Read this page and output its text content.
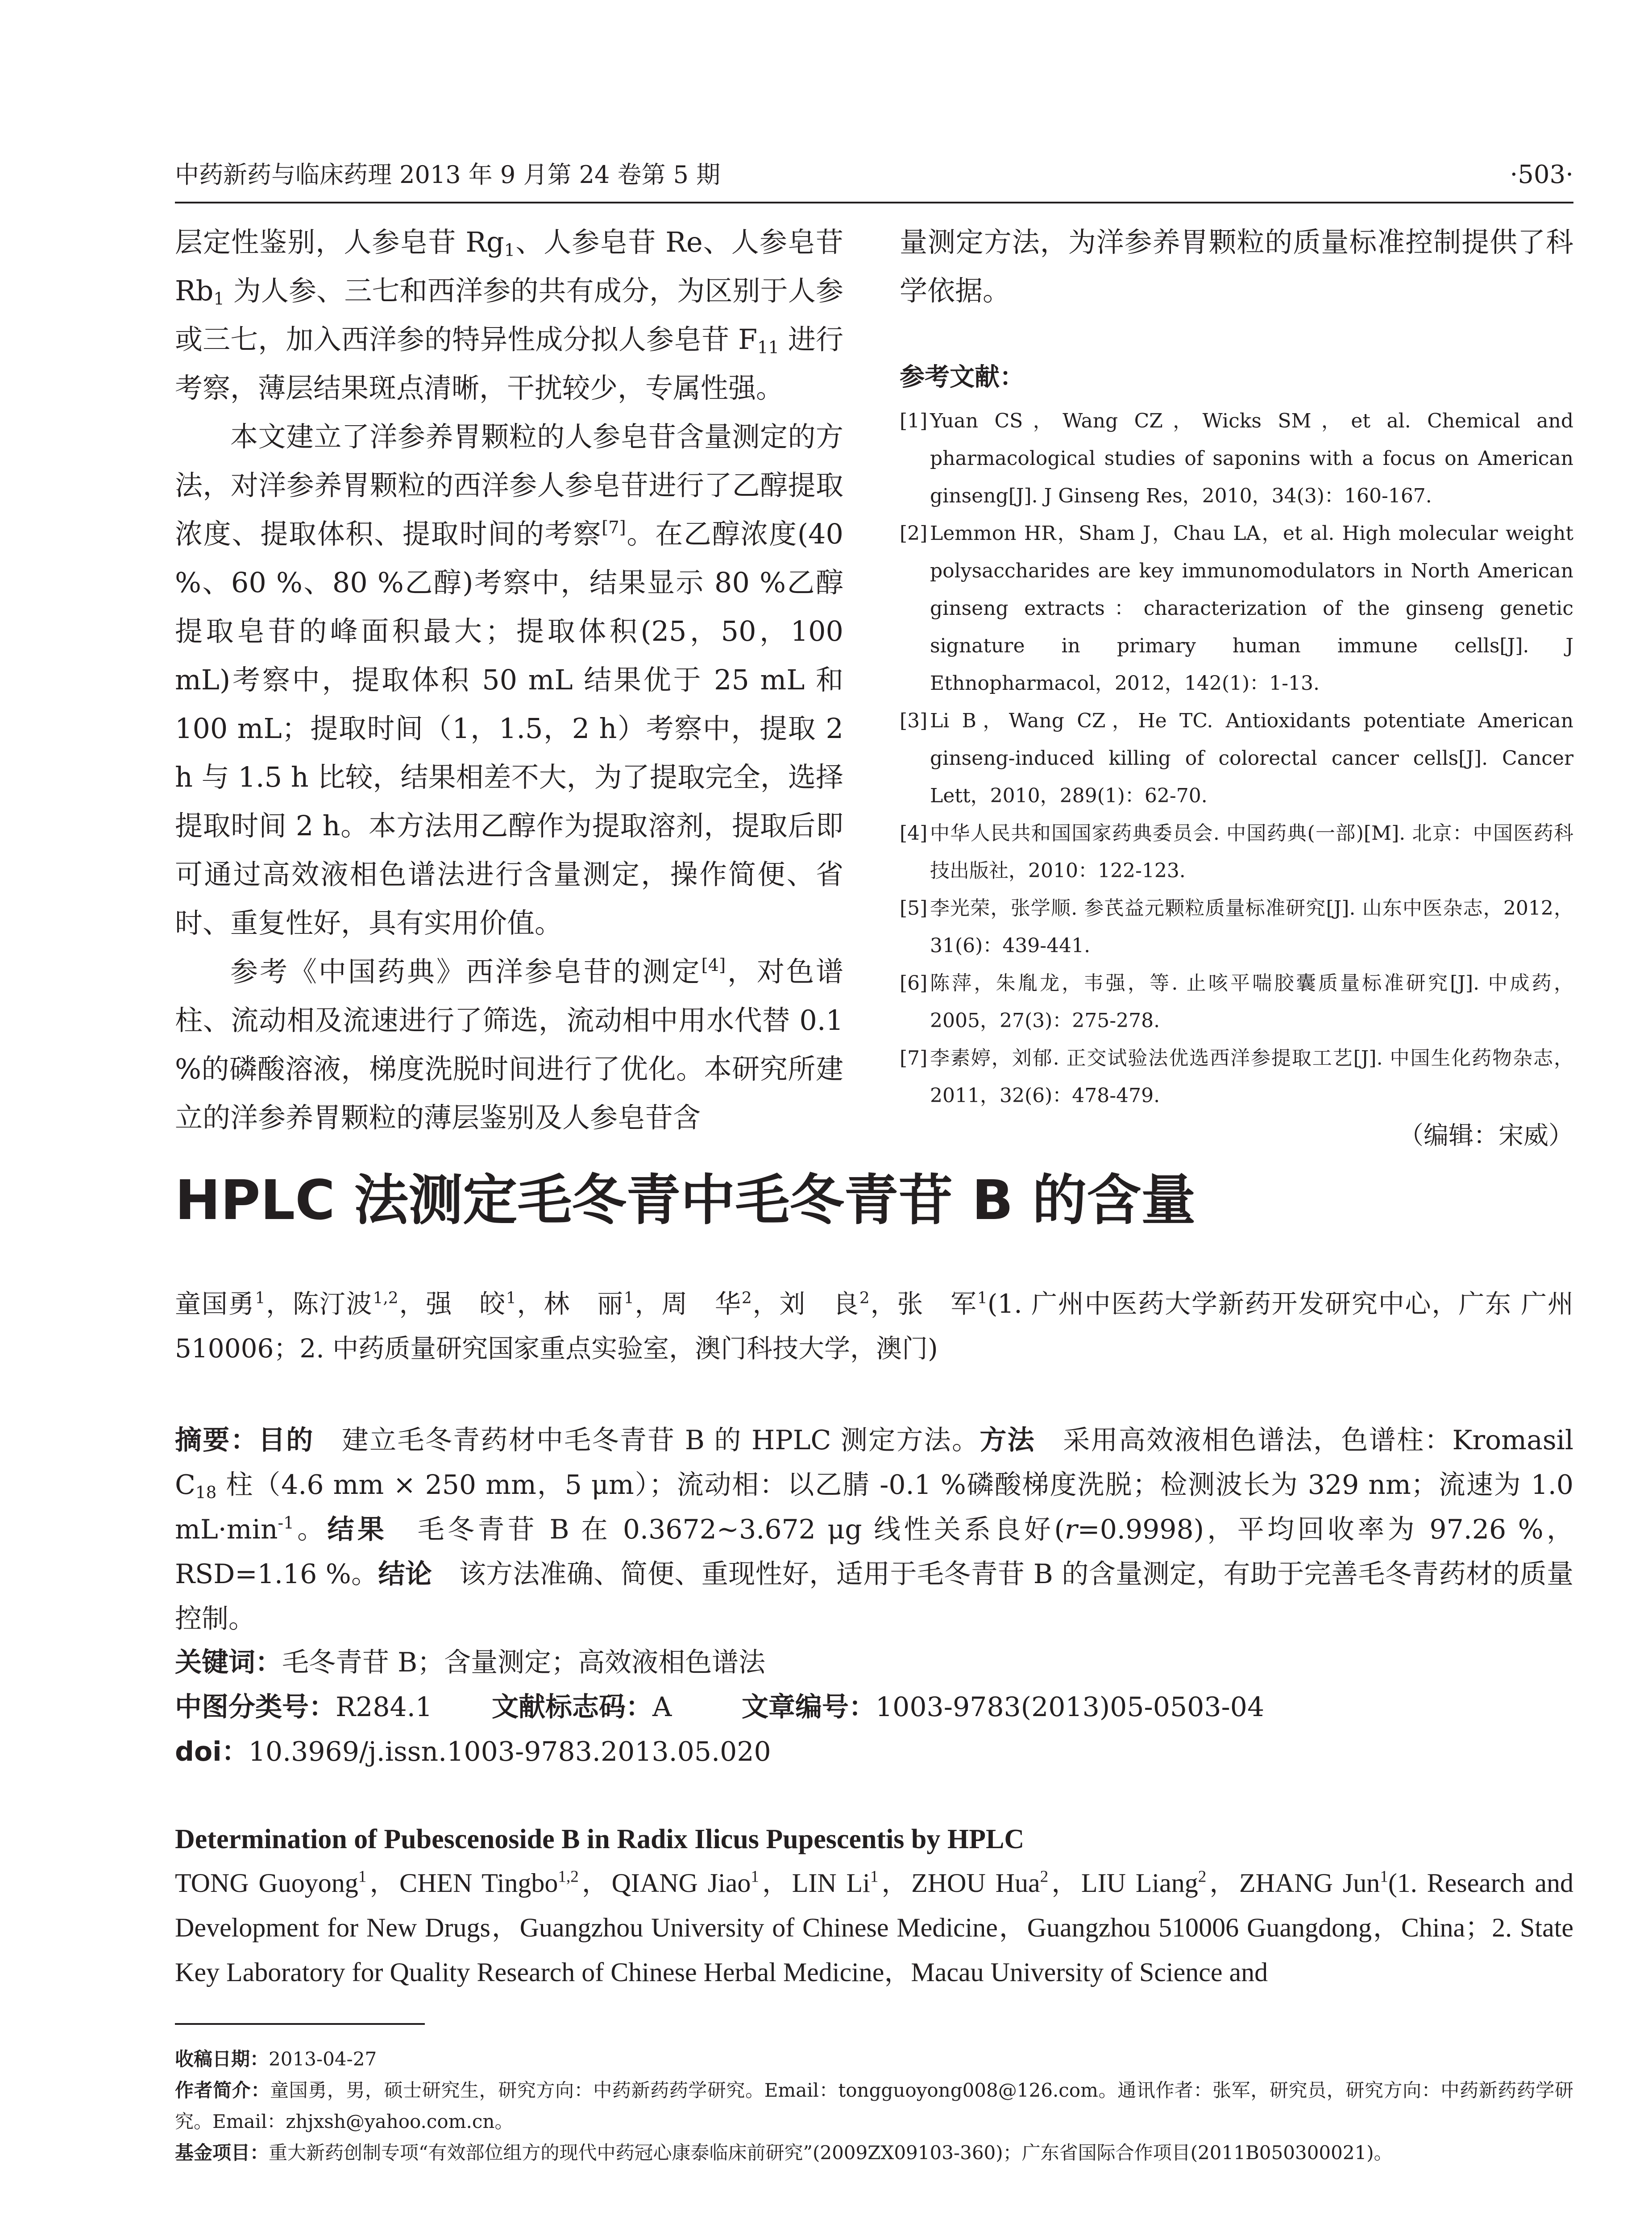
中药新药与临床药理 2013 年 9 月第 24 卷第 5 期	·503·

层定性鉴别，人参皂苷 $Rg_1$、人参皂苷 Re、人参皂苷 $Rb_1$ 为人参、三七和西洋参的共有成分，为区别于人参或三七，加入西洋参的特异性成分拟人参皂苷 $F_{11}$ 进行考察，薄层结果斑点清晰，干扰较少，专属性强。

本文建立了洋参养胃颗粒的人参皂苷含量测定的方法，对洋参养胃颗粒的西洋参人参皂苷进行了乙醇提取浓度、提取体积、提取时间的考察[7]。在乙醇浓度(40 %、60 %、80 %乙醇)考察中，结果显示 80 %乙醇提取皂苷的峰面积最大；提取体积(25，50，100 mL)考察中，提取体积 50 mL 结果优于 25 mL 和 100 mL；提取时间（1，1.5，2 h）考察中，提取 2 h 与 1.5 h 比较，结果相差不大，为了提取完全，选择提取时间 2 h。本方法用乙醇作为提取溶剂，提取后即可通过高效液相色谱法进行含量测定，操作简便、省时、重复性好，具有实用价值。

参考《中国药典》西洋参皂苷的测定[4]，对色谱柱、流动相及流速进行了筛选，流动相中用水代替 0.1 %的磷酸溶液，梯度洗脱时间进行了优化。本研究所建立的洋参养胃颗粒的薄层鉴别及人参皂苷含

量测定方法，为洋参养胃颗粒的质量标准控制提供了科学依据。

参考文献：
[1] Yuan CS，Wang CZ，Wicks SM，et al. Chemical and pharmacological studies of saponins with a focus on American ginseng[J]. J Ginseng Res，2010，34(3)：160-167.
[2] Lemmon HR，Sham J，Chau LA，et al. High molecular weight polysaccharides are key immunomodulators in North American ginseng extracts：characterization of the ginseng genetic signature in primary human immune cells[J]. J Ethnopharmacol，2012，142(1)：1-13.
[3] Li B，Wang CZ，He TC. Antioxidants potentiate American ginseng-induced killing of colorectal cancer cells[J]. Cancer Lett，2010，289(1)：62-70.
[4] 中华人民共和国国家药典委员会. 中国药典(一部)[M]. 北京：中国医药科技出版社，2010：122-123.
[5] 李光荣，张学顺. 参芪益元颗粒质量标准研究[J]. 山东中医杂志，2012，31(6)：439-441.
[6] 陈萍，朱胤龙，韦强，等. 止咳平喘胶囊质量标准研究[J]. 中成药，2005，27(3)：275-278.
[7] 李素婷，刘郁. 正交试验法优选西洋参提取工艺[J]. 中国生化药物杂志，2011，32(6)：478-479.
（编辑：宋威）
HPLC 法测定毛冬青中毛冬青苷 B 的含量
童国勇$^1$，陈汀波$^{1,2}$，强　皎$^1$，林　丽$^1$，周　华$^2$，刘　良$^2$，张　军$^1$(1. 广州中医药大学新药开发研究中心，广东 广州 510006；2. 中药质量研究国家重点实验室，澳门科技大学，澳门)
摘要：目的 建立毛冬青药材中毛冬青苷 B 的 HPLC 测定方法。方法 采用高效液相色谱法，色谱柱：Kromasil $C_{18}$ 柱（4.6 mm × 250 mm，5 μm）；流动相：以乙腈 -0.1 %磷酸梯度洗脱；检测波长为 329 nm；流速为 1.0 $mL\cdot\min^{-1}$。结果 毛冬青苷 B 在 0.3672~3.672 μg 线性关系良好(r=0.9998)，平均回收率为 97.26 %，RSD=1.16 %。结论 该方法准确、简便、重现性好，适用于毛冬青苷 B 的含量测定，有助于完善毛冬青药材的质量控制。
关键词：毛冬青苷 B；含量测定；高效液相色谱法
中图分类号：R284.1 文献标志码：A	文章编号：1003-9783(2013)05-0503-04
doi：10.3969/j.issn.1003-9783.2013.05.020
Determination of Pubescenoside B in Radix Ilicus Pupescentis by HPLC
TONG Guoyong$^1$，CHEN Tingbo$^{1,2}$，QIANG Jiao$^1$，LIN Li$^1$，ZHOU Hua$^2$，LIU Liang$^2$，ZHANG Jun$^1$(1. Research and Development for New Drugs，Guangzhou University of Chinese Medicine，Guangzhou 510006 Guangdong，China；2. State Key Laboratory for Quality Research of Chinese Herbal Medicine，Macau University of Science and
收稿日期：2013-04-27
作者简介：童国勇，男，硕士研究生，研究方向：中药新药药学研究。Email：tongguoyong008@126.com。通讯作者：张军，研究员，研究方向：中药新药药学研究。Email：zhjxsh@yahoo.com.cn。
基金项目：重大新药创制专项“有效部位组方的现代中药冠心康泰临床前研究”(2009ZX09103-360)；广东省国际合作项目(2011B050300021)。
